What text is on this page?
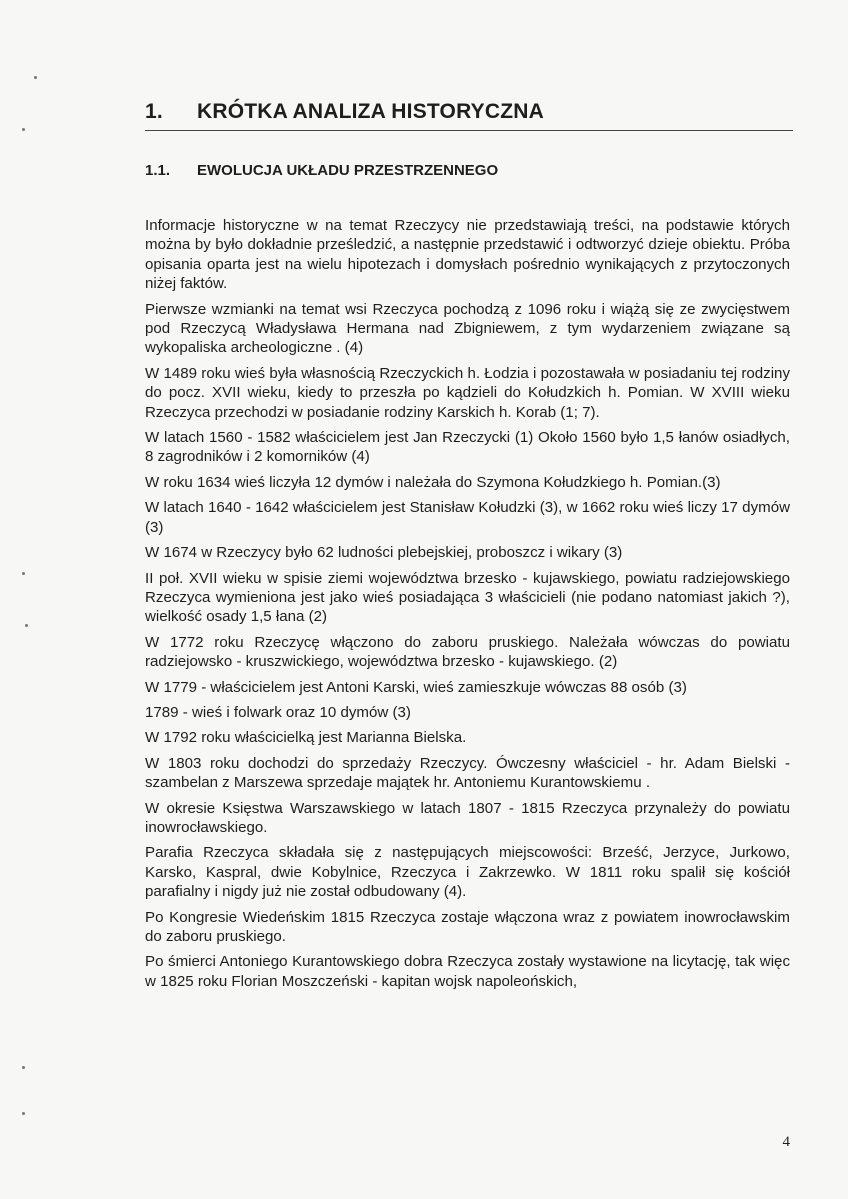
1. KRÓTKA ANALIZA HISTORYCZNA
1.1. EWOLUCJA UKŁADU PRZESTRZENNEGO

Informacje historyczne w na temat Rzeczycy nie przedstawiają treści, na podstawie których można by było dokładnie prześledzić, a następnie przedstawić i odtworzyć dzieje obiektu. Próba opisania oparta jest na wielu hipotezach i domysłach pośrednio wynikających z przytoczonych niżej faktów.

Pierwsze wzmianki na temat wsi Rzeczyca pochodzą z 1096 roku i wiążą się ze zwycięstwem pod Rzeczycą Władysława Hermana nad Zbigniewem, z tym wydarzeniem związane są wykopaliska archeologiczne . (4)

W 1489 roku wieś była własnością Rzeczyckich h. Łodzia i pozostawała w posiadaniu tej rodziny do pocz. XVII wieku, kiedy to przeszła po kądzieli do Kołudzkich h. Pomian. W XVIII wieku Rzeczyca przechodzi w posiadanie rodziny Karskich h. Korab (1; 7).

W latach 1560 - 1582 właścicielem jest Jan Rzeczycki (1) Około 1560 było 1,5 łanów osiadłych, 8 zagrodników i 2 komorników (4)

W roku 1634 wieś liczyła 12 dymów i należała do Szymona Kołudzkiego h. Pomian.(3)

W latach 1640 - 1642 właścicielem jest Stanisław Kołudzki (3), w 1662 roku wieś liczy 17 dymów (3)

W 1674 w Rzeczycy było 62 ludności plebejskiej, proboszcz i wikary (3)

II poł. XVII wieku w spisie ziemi województwa brzesko - kujawskiego, powiatu radziejowskiego Rzeczyca wymieniona jest jako wieś posiadająca 3 właścicieli (nie podano natomiast jakich ?), wielkość osady 1,5 łana (2)

W 1772 roku Rzeczycę włączono do zaboru pruskiego. Należała wówczas do powiatu radziejowsko - kruszwickiego, województwa brzesko - kujawskiego. (2)

W 1779 - właścicielem jest Antoni Karski, wieś zamieszkuje wówczas 88 osób (3)

1789 - wieś i folwark oraz 10 dymów (3)

W 1792 roku właścicielką jest Marianna Bielska.

W 1803 roku dochodzi do sprzedaży Rzeczycy. Ówczesny właściciel - hr. Adam Bielski - szambelan z Marszewa sprzedaje majątek hr. Antoniemu Kurantowskiemu .

W okresie Księstwa Warszawskiego w latach 1807 - 1815 Rzeczyca przynależy do powiatu inowrocławskiego.

Parafia Rzeczyca składała się z następujących miejscowości: Brześć, Jerzyce, Jurkowo, Karsko, Kaspral, dwie Kobylnice, Rzeczyca i Zakrzewko. W 1811 roku spalił się kościół parafialny i nigdy już nie został odbudowany (4).

Po Kongresie Wiedeńskim 1815 Rzeczyca zostaje włączona wraz z powiatem inowrocławskim do zaboru pruskiego.

Po śmierci Antoniego Kurantowskiego dobra Rzeczyca zostały wystawione na licytację, tak więc w 1825 roku Florian Moszczeński - kapitan wojsk napoleońskich,

4
